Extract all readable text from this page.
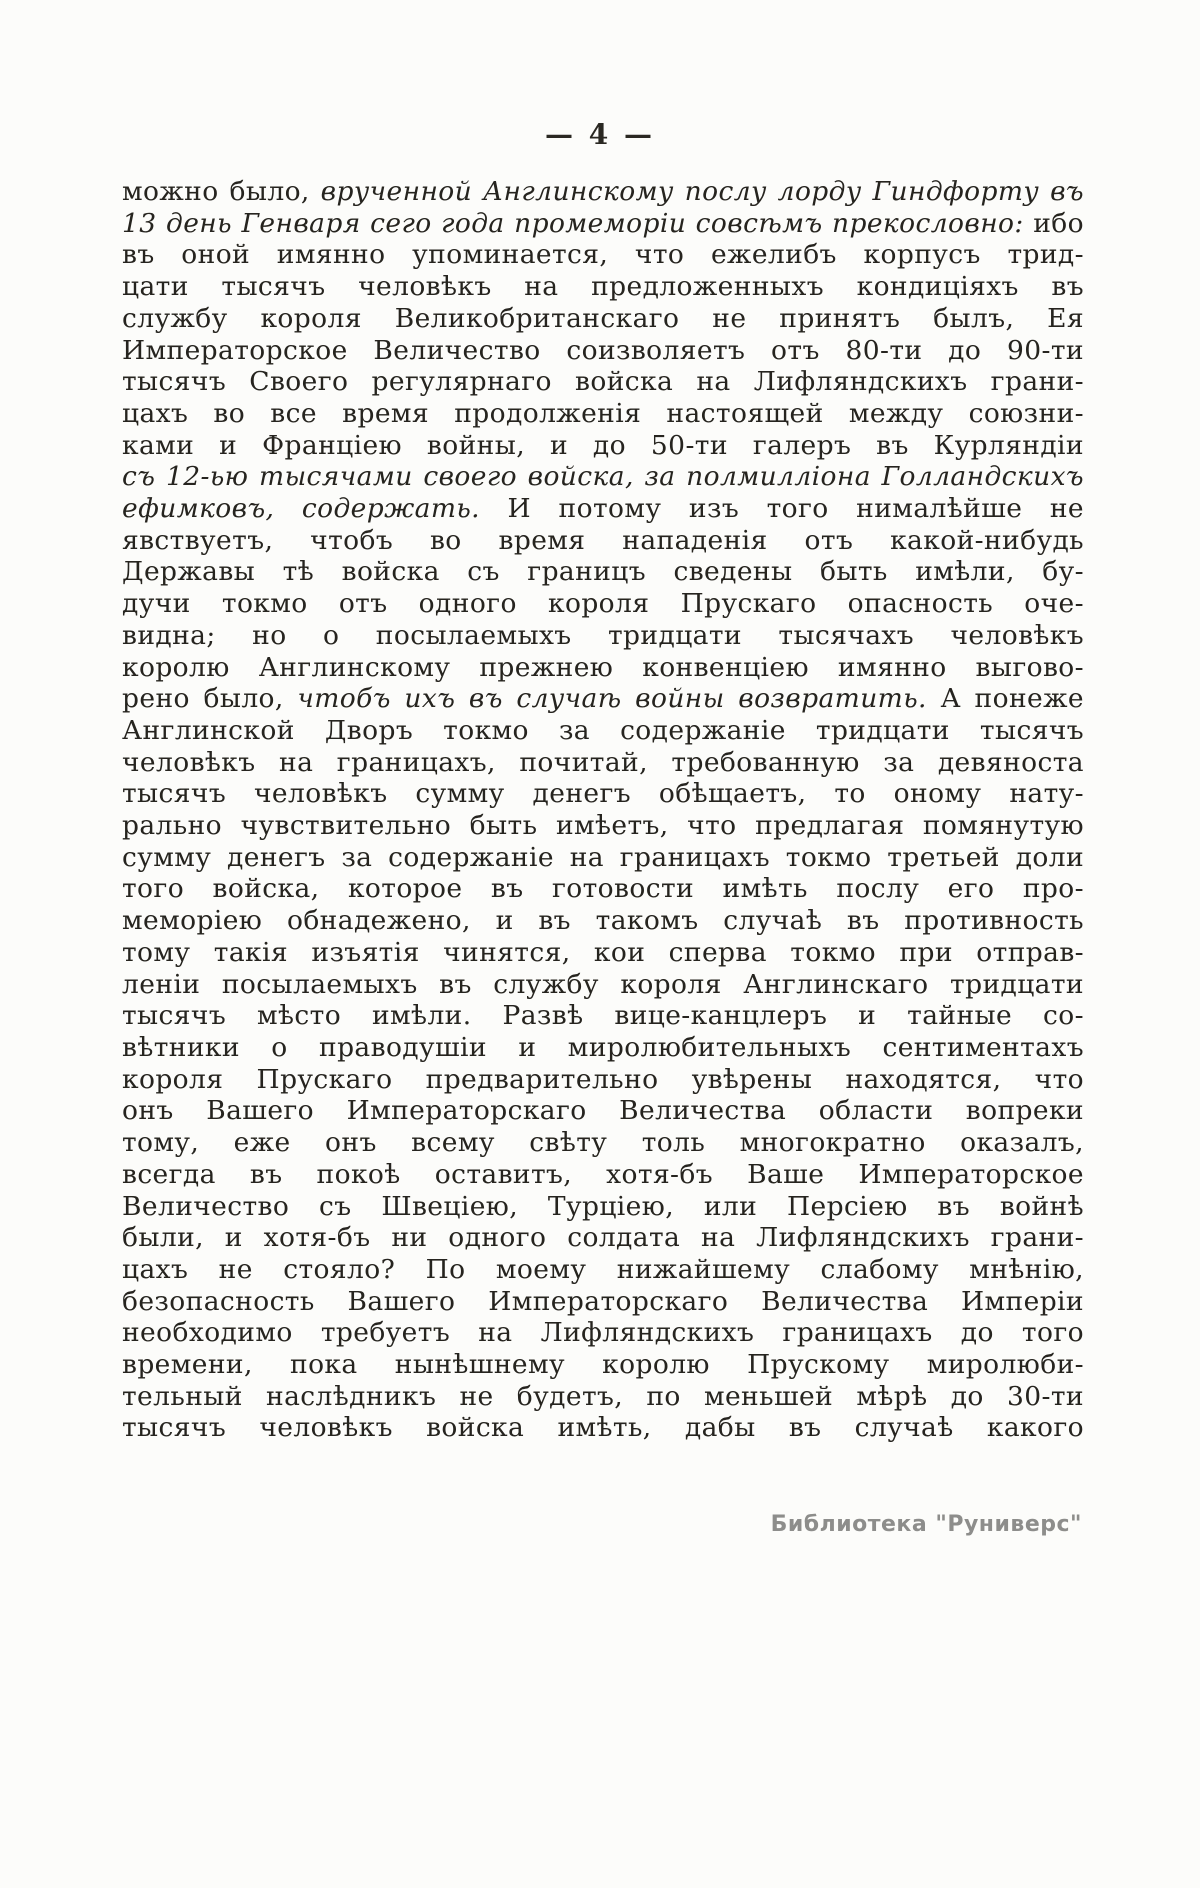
— 4 —
можно было, врученной Англинскому послу лорду Гиндфорту въ
13 день Генваря сего года промеморіи совсѣмъ прекословно: ибо
въ оной имянно упоминается, что ежелибъ корпусъ трид-
цати тысячъ человѣкъ на предложенныхъ кондиціяхъ въ
службу короля Великобританскаго не принятъ былъ, Ея
Императорское Величество соизволяетъ отъ 80-ти до 90-ти
тысячъ Своего регулярнаго войска на Лифляндскихъ грани-
цахъ во все время продолженія настоящей между союзни-
ками и Франціею войны, и до 50-ти галеръ въ Курляндіи
съ 12-ью тысячами своего войска, за полмилліона Голландскихъ
ефимковъ, содержать. И потому изъ того нималѣйше не
явствуетъ, чтобъ во время нападенія отъ какой-нибудь
Державы тѣ войска съ границъ сведены быть имѣли, бу-
дучи токмо отъ одного короля Прускаго опасность оче-
видна; но о посылаемыхъ тридцати тысячахъ человѣкъ
королю Англинскому прежнею конвенціею имянно выгово-
рено было, чтобъ ихъ въ случаѣ войны возвратить. А понеже
Англинской Дворъ токмо за содержаніе тридцати тысячъ
человѣкъ на границахъ, почитай, требованную за девяноста
тысячъ человѣкъ сумму денегъ обѣщаетъ, то оному нату-
рально чувствительно быть имѣетъ, что предлагая помянутую
сумму денегъ за содержаніе на границахъ токмо третьей доли
того войска, которое въ готовости имѣть послу его про-
меморіею обнадежено, и въ такомъ случаѣ въ противность
тому такія изъятія чинятся, кои сперва токмо при отправ-
леніи посылаемыхъ въ службу короля Англинскаго тридцати
тысячъ мѣсто имѣли. Развѣ вице-канцлеръ и тайные со-
вѣтники о праводушіи и миролюбительныхъ сентиментахъ
короля Прускаго предварительно увѣрены находятся, что
онъ Вашего Императорскаго Величества области вопреки
тому, еже онъ всему свѣту толь многократно оказалъ,
всегда въ покоѣ оставитъ, хотя-бъ Ваше Императорское
Величество съ Швеціею, Турціею, или Персіею въ войнѣ
были, и хотя-бъ ни одного солдата на Лифляндскихъ грани-
цахъ не стояло? По моему нижайшему слабому мнѣнію,
безопасность Вашего Императорскаго Величества Имперіи
необходимо требуетъ на Лифляндскихъ границахъ до того
времени, пока нынѣшнему королю Прускому миролюби-
тельный наслѣдникъ не будетъ, по меньшей мѣрѣ до 30-ти
тысячъ человѣкъ войска имѣть, дабы въ случаѣ какого
Библиотека "Руниверс"
